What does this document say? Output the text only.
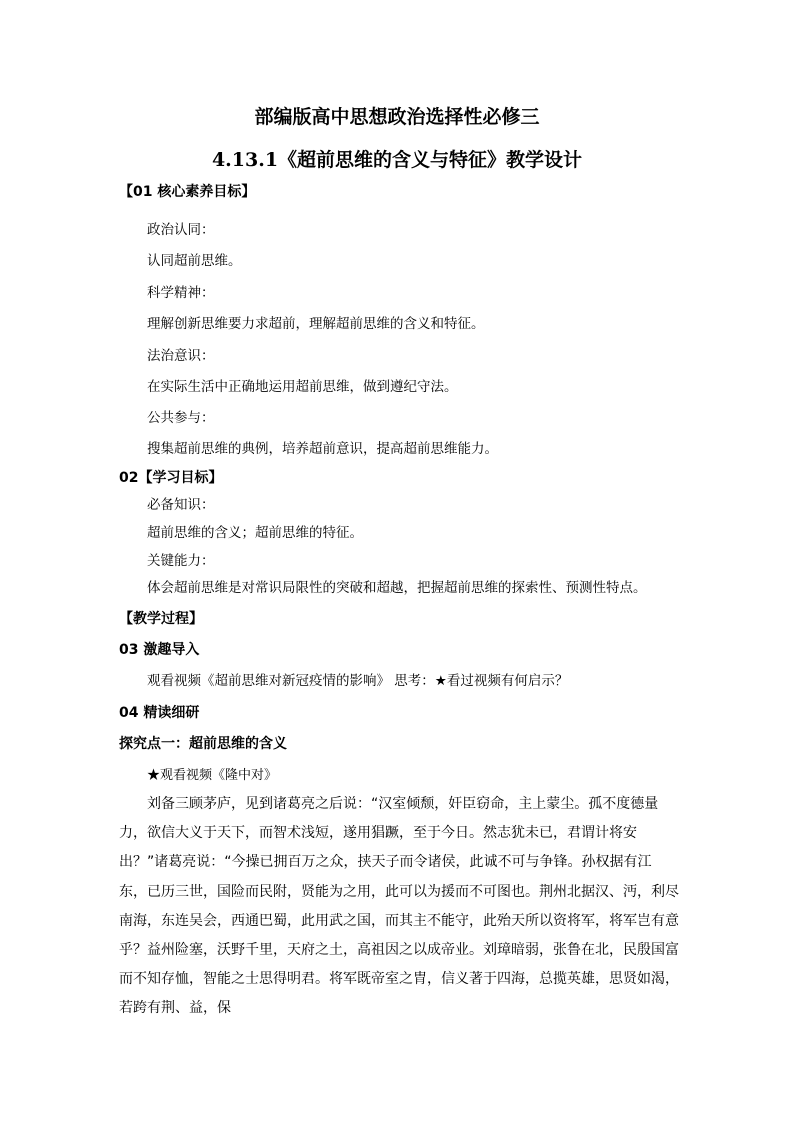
部编版高中思想政治选择性必修三
4.13.1《超前思维的含义与特征》教学设计
【01 核心素养目标】
政治认同：
认同超前思维。
科学精神：
理解创新思维要力求超前，理解超前思维的含义和特征。
法治意识：
在实际生活中正确地运用超前思维，做到遵纪守法。
公共参与：
搜集超前思维的典例，培养超前意识，提高超前思维能力。
02【学习目标】
必备知识：
超前思维的含义；超前思维的特征。
关键能力：
体会超前思维是对常识局限性的突破和超越，把握超前思维的探索性、预测性特点。
【教学过程】
03 激趣导入
观看视频《超前思维对新冠疫情的影响》 思考：★看过视频有何启示？
04 精读细研
探究点一：超前思维的含义
★观看视频《隆中对》
刘备三顾茅庐，见到诸葛亮之后说：“汉室倾颓，奸臣窃命，主上蒙尘。孤不度德量力，欲信大义于天下，而智术浅短，遂用猖蹶，至于今日。然志犹未已，君谓计将安出？”诸葛亮说：“今操已拥百万之众，挟天子而令诸侯，此诚不可与争锋。孙权据有江东，已历三世，国险而民附，贤能为之用，此可以为援而不可图也。荆州北据汉、沔，利尽南海，东连吴会，西通巴蜀，此用武之国，而其主不能守，此殆天所以资将军，将军岂有意乎？益州险塞，沃野千里，天府之土，高祖因之以成帝业。刘璋暗弱，张鲁在北，民殷国富而不知存恤，智能之士思得明君。将军既帝室之胄，信义著于四海，总揽英雄，思贤如渴，若跨有荆、益，保
